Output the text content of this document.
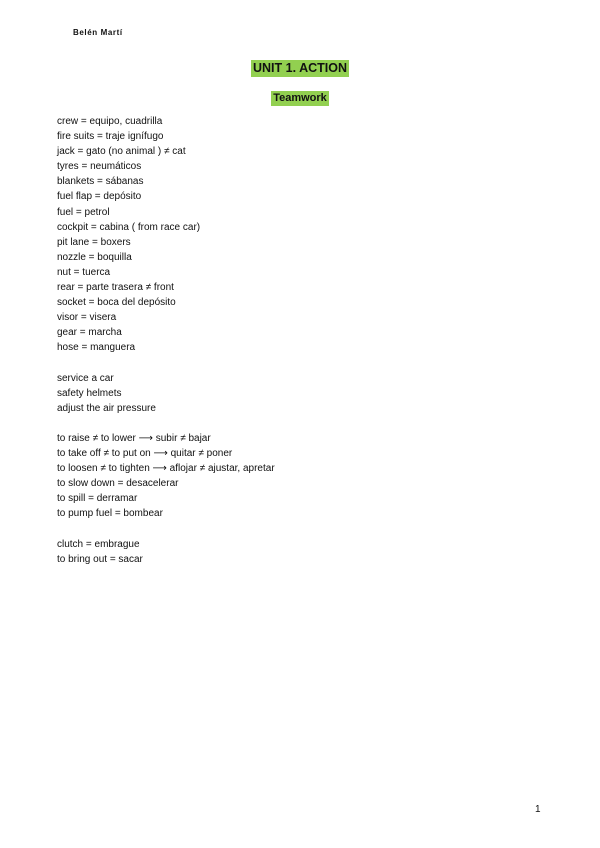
Belén Martí
UNIT 1. ACTION
Teamwork
crew = equipo, cuadrilla
fire suits = traje ignífugo
jack = gato (no animal ) ≠ cat
tyres = neumáticos
blankets = sábanas
fuel flap = depósito
fuel = petrol
cockpit = cabina ( from race car)
pit lane = boxers
nozzle = boquilla
nut = tuerca
rear = parte trasera ≠ front
socket = boca del depósito
visor = visera
gear = marcha
hose = manguera
service a car
safety helmets
adjust the air pressure
to raise ≠ to lower ⟶ subir ≠ bajar
to take off ≠ to put on ⟶ quitar ≠ poner
to loosen ≠ to tighten ⟶ aflojar ≠ ajustar, apretar
to slow down = desacelerar
to spill = derramar
to pump fuel = bombear
clutch = embrague
to bring out = sacar
1
